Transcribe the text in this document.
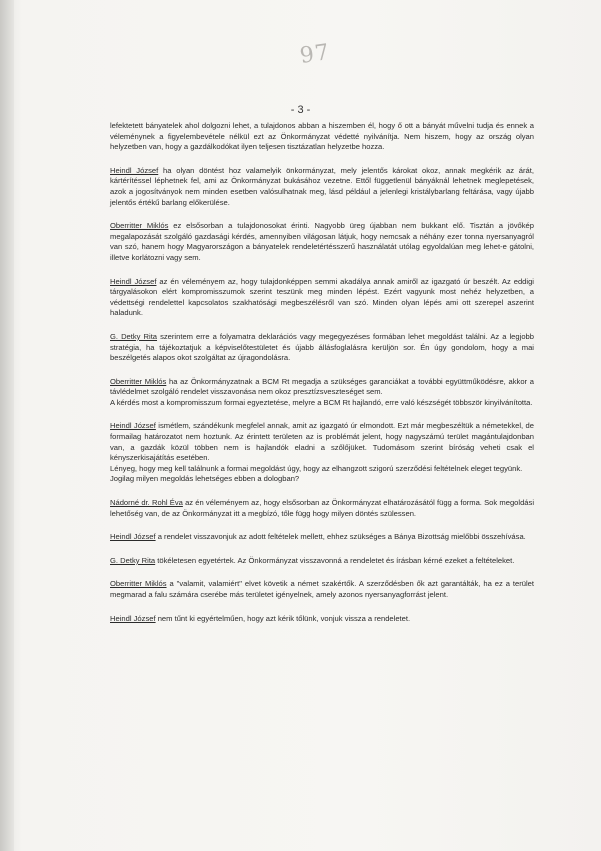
97
- 3 -

lefektetett bányatelek ahol dolgozni lehet, a tulajdonos abban a hiszemben él, hogy ő ott a bányát művelni tudja és ennek a véleménynek a figyelembevétele nélkül ezt az Önkormányzat védetté nyilvánítja. Nem hiszem, hogy az ország olyan helyzetben van, hogy a gazdálkodókat ilyen teljesen tisztázatlan helyzetbe hozza.

Heindl József ha olyan döntést hoz valamelyik önkormányzat, mely jelentős károkat okoz, annak megkérik az árát, kártérítéssel léphetnek fel, ami az Önkormányzat bukásához vezetne. Ettől függetlenül bányáknál lehetnek meglepetések, azok a jogosítványok nem minden esetben valósulhatnak meg, lásd például a jelenlegi kristálybarlang feltárása, vagy újabb jelentős értékű barlang előkerülése.

Oberritter Miklós ez elsősorban a tulajdonosokat érinti. Nagyobb üreg újabban nem bukkant elő. Tisztán a jövőkép megalapozását szolgáló gazdasági kérdés, amennyiben világosan látjuk, hogy nemcsak a néhány ezer tonna nyersanyagról van szó, hanem hogy Magyarországon a bányatelek rendeletértésszerű használatát utólag egyoldalúan meg lehet-e gátolni, illetve korlátozni vagy sem.

Heindl József az én véleményem az, hogy tulajdonképpen semmi akadálya annak amiről az igazgató úr beszélt. Az eddigi tárgyalásokon elért kompromisszumok szerint teszünk meg minden lépést. Ezért vagyunk most nehéz helyzetben, a védettségi rendelettel kapcsolatos szakhatósági megbeszélésről van szó. Minden olyan lépés ami ott szerepel aszerint haladunk.

G. Detky Rita szerintem erre a folyamatra deklarációs vagy megegyezéses formában lehet megoldást találni. Az a legjobb stratégia, ha tájékoztatjuk a képviselőtestületet és újabb állásfoglalásra kerüljön sor. Én úgy gondolom, hogy a mai beszélgetés alapos okot szolgáltat az újragondolásra.

Oberritter Miklós ha az Önkormányzatnak a BCM Rt megadja a szükséges garanciákat a további együttműködésre, akkor a távlédelmet szolgáló rendelet visszavonása nem okoz presztízsveszteséget sem.

A kérdés most a kompromisszum formai egyeztetése, melyre a BCM Rt hajlandó, erre való készségét többször kinyilvánította.

Heindl József ismétlem, szándékunk megfelel annak, amit az igazgató úr elmondott. Ezt már megbeszéltük a németekkel, de formailag határozatot nem hoztunk. Az érintett területen az is problémát jelent, hogy nagyszámú terület magántulajdonban van, a gazdák közül többen nem is hajlandók eladni a szőlőjüket. Tudomásom szerint bíróság veheti csak el kényszerkisajátítás esetében.

Lényeg, hogy meg kell találnunk a formai megoldást úgy, hogy az elhangzott szigorú szerződési feltételnek eleget tegyünk.

Jogilag milyen megoldás lehetséges ebben a dologban?

Nádorné dr. Rohl Éva az én véleményem az, hogy elsősorban az Önkormányzat elhatározásától függ a forma. Sok megoldási lehetőség van, de az Önkormányzat itt a megbízó, tőle függ hogy milyen döntés szülessen.

Heindl József a rendelet visszavonjuk az adott feltételek mellett, ehhez szükséges a Bánya Bizottság mielőbbi összehívása.

G. Detky Rita tökéletesen egyetértek. Az Önkormányzat visszavonná a rendeletet és írásban kérné ezeket a feltételeket.

Oberritter Miklós a "valamit, valamiért" elvet követik a német szakértők. A szerződésben ők azt garantálták, ha ez a terület megmarad a falu számára cserébe más területet igényelnek, amely azonos nyersanyagforrást jelent.

Heindl József nem tűnt ki egyértelműen, hogy azt kérik tőlünk, vonjuk vissza a rendeletet.
